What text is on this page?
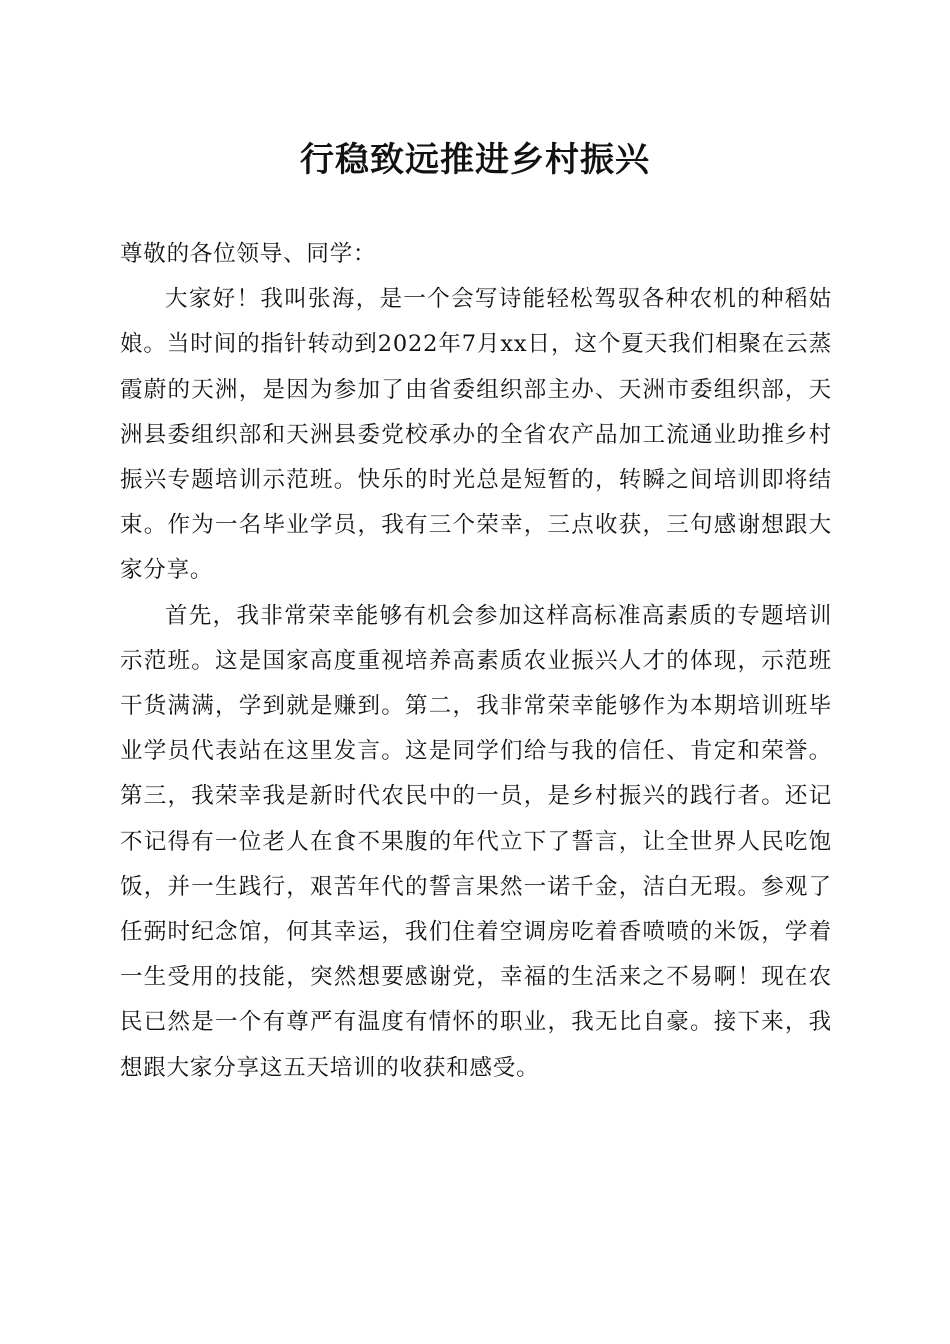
行稳致远推进乡村振兴

尊敬的各位领导、同学：

大家好！我叫张海，是一个会写诗能轻松驾驭各种农机的种稻姑娘。当时间的指针转动到2022年7月xx日，这个夏天我们相聚在云蒸霞蔚的天洲，是因为参加了由省委组织部主办、天洲市委组织部，天洲县委组织部和天洲县委党校承办的全省农产品加工流通业助推乡村振兴专题培训示范班。快乐的时光总是短暂的，转瞬之间培训即将结束。作为一名毕业学员，我有三个荣幸，三点收获，三句感谢想跟大家分享。

首先，我非常荣幸能够有机会参加这样高标准高素质的专题培训示范班。这是国家高度重视培养高素质农业振兴人才的体现，示范班干货满满，学到就是赚到。第二，我非常荣幸能够作为本期培训班毕业学员代表站在这里发言。这是同学们给与我的信任、肯定和荣誉。第三，我荣幸我是新时代农民中的一员，是乡村振兴的践行者。还记不记得有一位老人在食不果腹的年代立下了誓言，让全世界人民吃饱饭，并一生践行，艰苦年代的誓言果然一诺千金，洁白无瑕。参观了任弼时纪念馆，何其幸运，我们住着空调房吃着香喷喷的米饭，学着一生受用的技能，突然想要感谢党，幸福的生活来之不易啊！现在农民已然是一个有尊严有温度有情怀的职业，我无比自豪。接下来，我想跟大家分享这五天培训的收获和感受。
